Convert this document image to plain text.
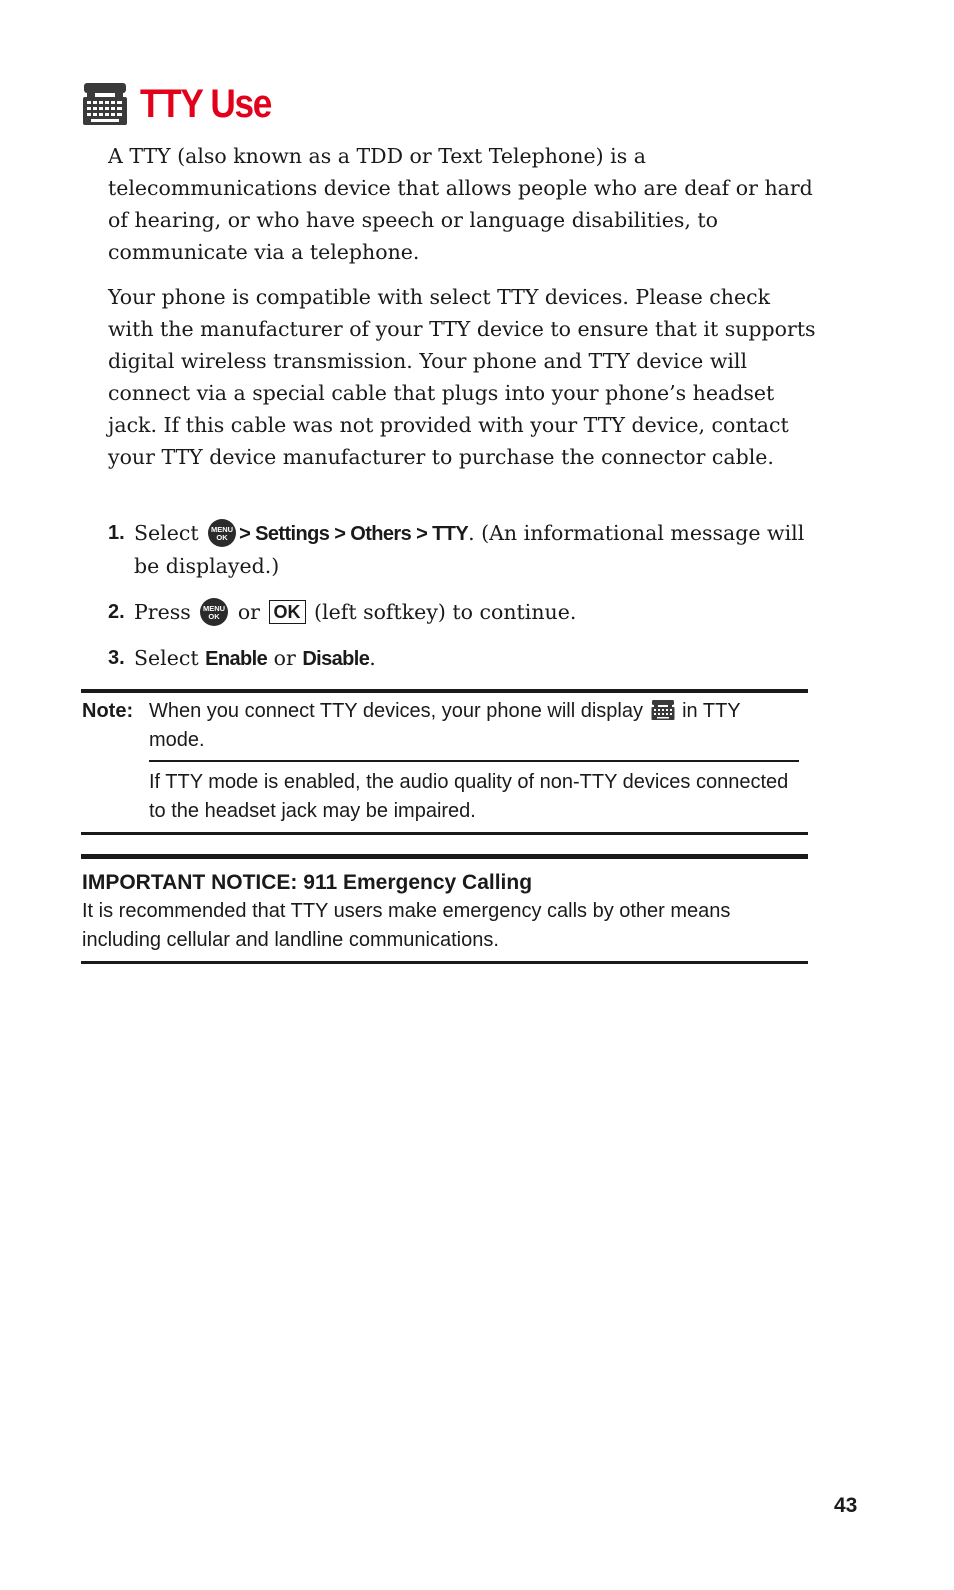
TTY Use

A TTY (also known as a TDD or Text Telephone) is a telecommunications device that allows people who are deaf or hard of hearing, or who have speech or language disabilities, to communicate via a telephone.

Your phone is compatible with select TTY devices. Please check with the manufacturer of your TTY device to ensure that it supports digital wireless transmission. Your phone and TTY device will connect via a special cable that plugs into your phone’s headset jack. If this cable was not provided with your TTY device, contact your TTY device manufacturer to purchase the connector cable.

1. Select MENU
OK > Settings > Others > TTY. (An informational message will be displayed.)
2. Press MENU
OK or OK (left softkey) to continue.
3. Select Enable or Disable.
Note: When you connect TTY devices, your phone will display in TTY mode.

If TTY mode is enabled, the audio quality of non-TTY devices connected to the headset jack may be impaired.

IMPORTANT NOTICE: 911 Emergency Calling

It is recommended that TTY users make emergency calls by other means including cellular and landline communications.

43
